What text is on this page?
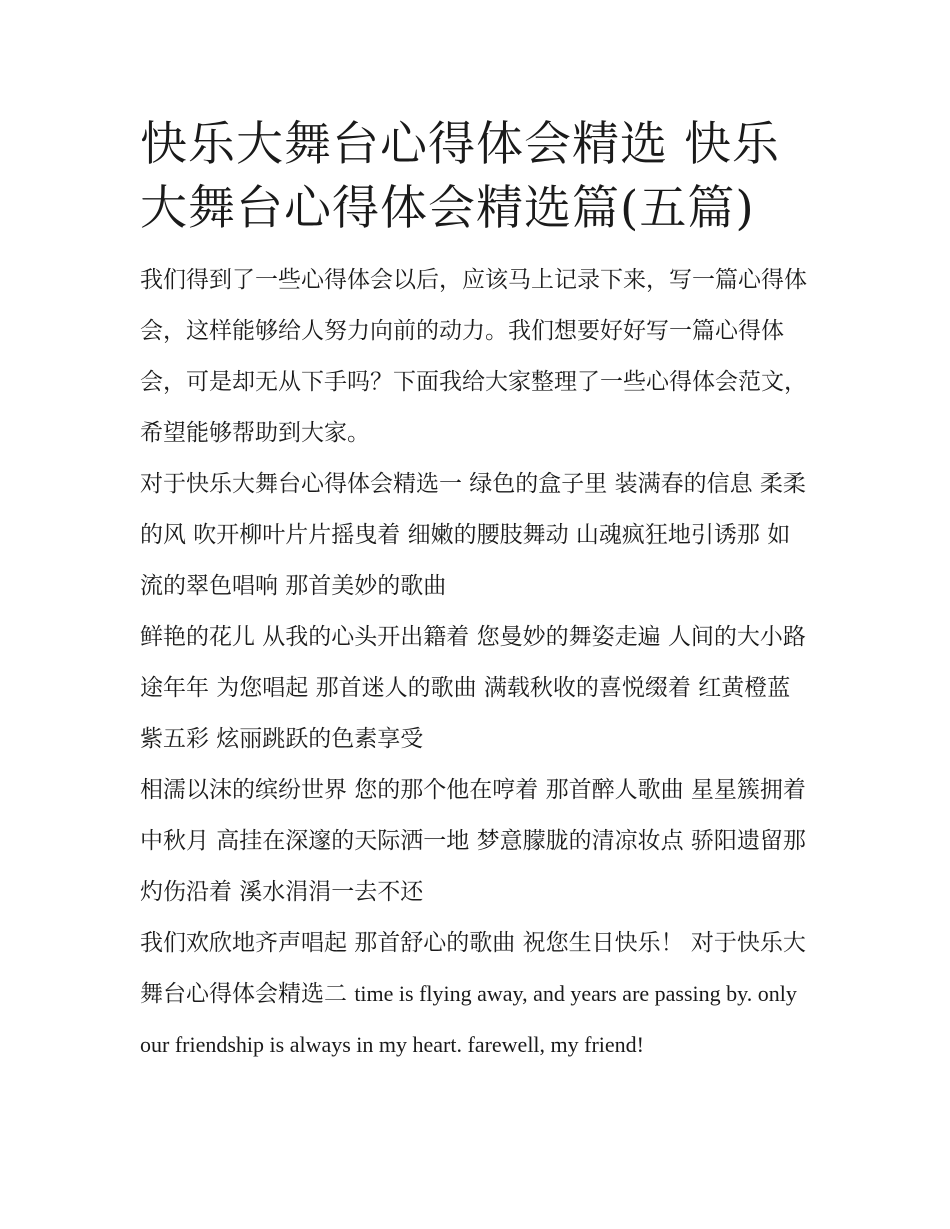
快乐大舞台心得体会精选 快乐大舞台心得体会精选篇(五篇)

我们得到了一些心得体会以后，应该马上记录下来，写一篇心得体会，这样能够给人努力向前的动力。我们想要好好写一篇心得体会，可是却无从下手吗？下面我给大家整理了一些心得体会范文，希望能够帮助到大家。

对于快乐大舞台心得体会精选一 绿色的盒子里 装满春的信息 柔柔的风 吹开柳叶片片摇曳着 细嫩的腰肢舞动 山魂疯狂地引诱那 如流的翠色唱响 那首美妙的歌曲

鲜艳的花儿 从我的心头开出籍着 您曼妙的舞姿走遍 人间的大小路途年年 为您唱起 那首迷人的歌曲 满载秋收的喜悦缀着 红黄橙蓝紫五彩 炫丽跳跃的色素享受

相濡以沫的缤纷世界 您的那个他在哼着 那首醉人歌曲 星星簇拥着中秋月 高挂在深邃的天际洒一地 梦意朦胧的清凉妆点 骄阳遗留那灼伤沿着 溪水涓涓一去不还

我们欢欣地齐声唱起 那首舒心的歌曲 祝您生日快乐！ 对于快乐大舞台心得体会精选二 time is flying away, and years are passing by. only our friendship is always in my heart. farewell, my friend!
